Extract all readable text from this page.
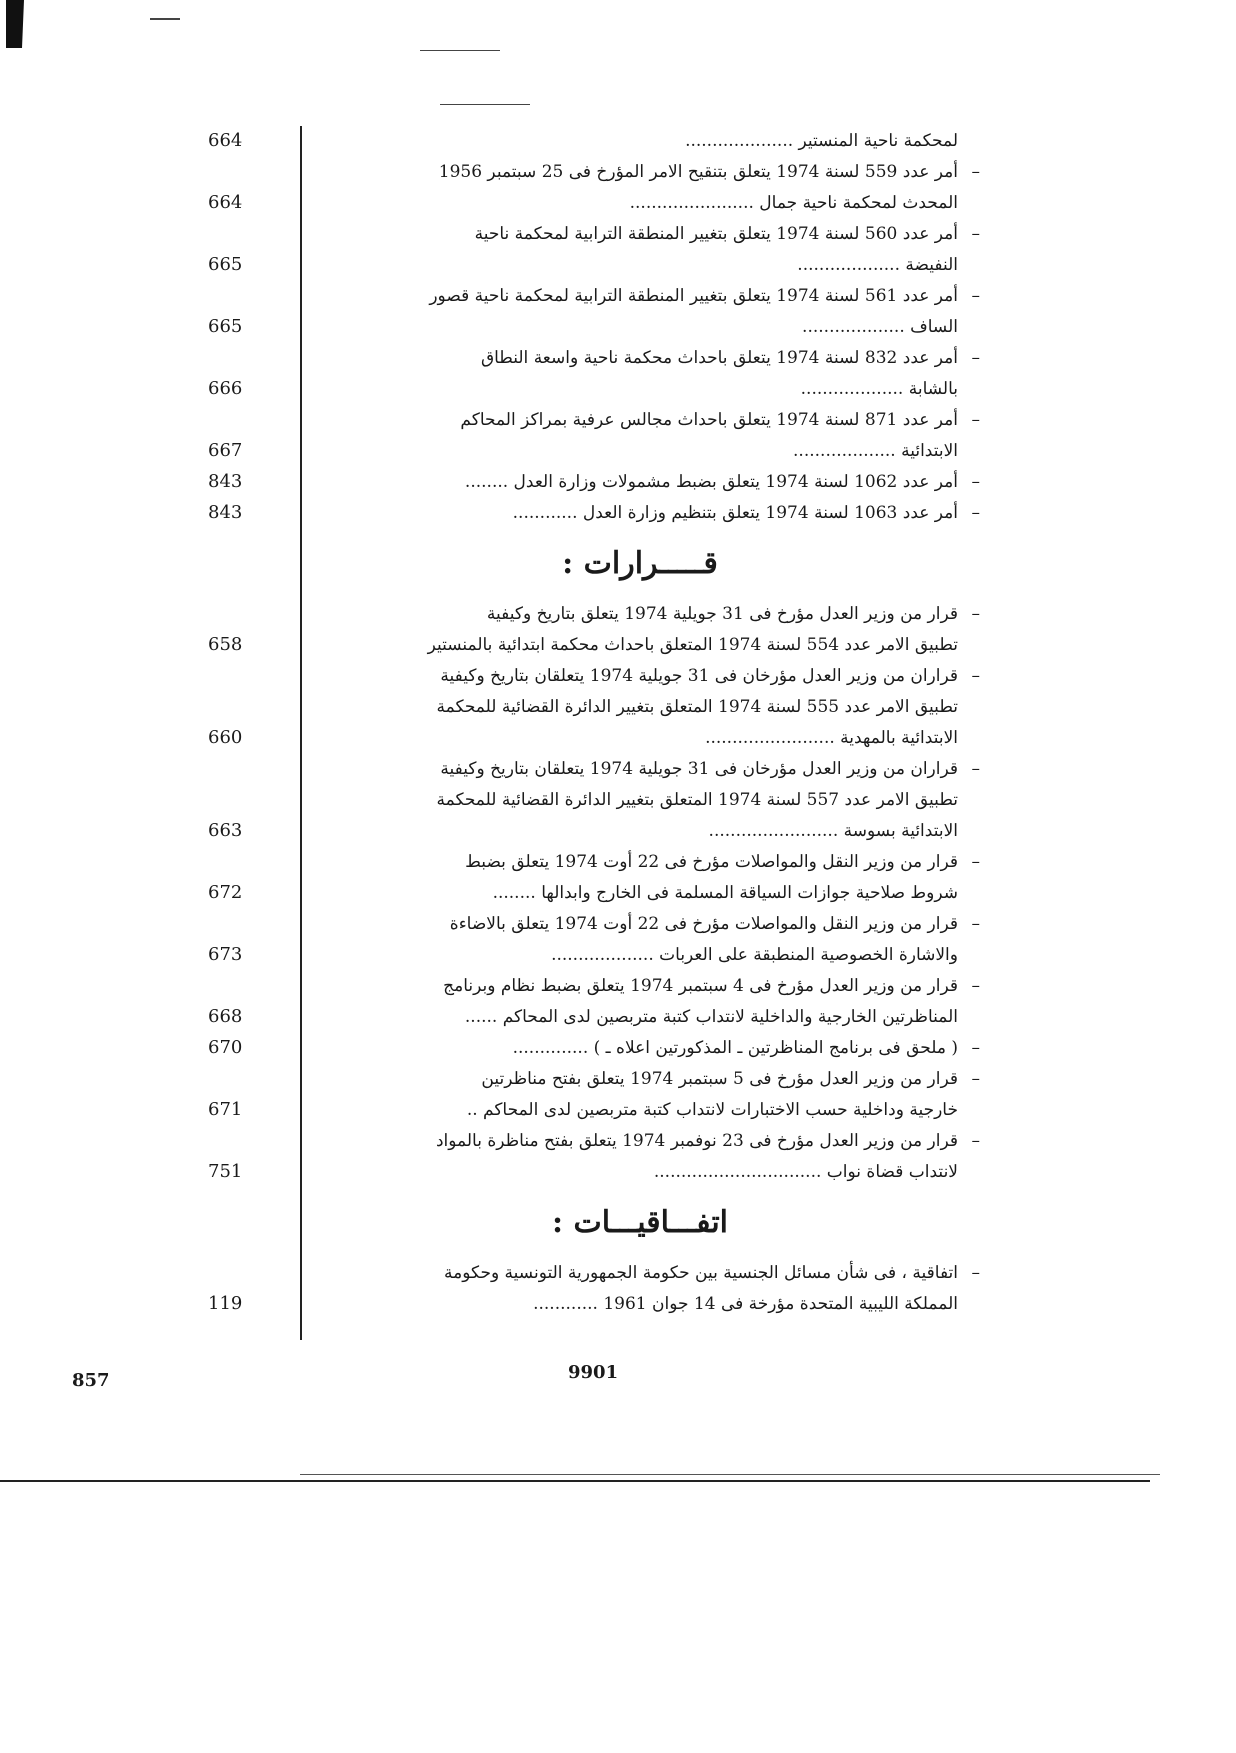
لمحكمة ناحية المنستير ....................
أمر عدد 559 لسنة 1974 يتعلق بتنقيح الامر المؤرخ فى 25 سبتمبر 1956 –
المحدث لمحكمة ناحية جمال .......................
أمر عدد 560 لسنة 1974 يتعلق بتغيير المنطقة الترابية لمحكمة ناحية –
النفيضة ...................
أمر عدد 561 لسنة 1974 يتعلق بتغيير المنطقة الترابية لمحكمة ناحية قصور –
الساف ...................
أمر عدد 832 لسنة 1974 يتعلق باحداث محكمة ناحية واسعة النطاق –
بالشابة ...................
أمر عدد 871 لسنة 1974 يتعلق باحداث مجالس عرفية بمراكز المحاكم –
الابتدائية ...................
أمر عدد 1062 لسنة 1974 يتعلق بضبط مشمولات وزارة العدل ........ –
أمر عدد 1063 لسنة 1974 يتعلق بتنظيم وزارة العدل ............ –
قـــــرارات :
قرار من وزير العدل مؤرخ فى 31 جويلية 1974 يتعلق بتاريخ وكيفية –
تطبيق الامر عدد 554 لسنة 1974 المتعلق باحداث محكمة ابتدائية بالمنستير
قراران من وزير العدل مؤرخان فى 31 جويلية 1974 يتعلقان بتاريخ وكيفية –
تطبيق الامر عدد 555 لسنة 1974 المتعلق بتغيير الدائرة القضائية للمحكمة
الابتدائية بالمهدية ........................
قراران من وزير العدل مؤرخان فى 31 جويلية 1974 يتعلقان بتاريخ وكيفية –
تطبيق الامر عدد 557 لسنة 1974 المتعلق بتغيير الدائرة القضائية للمحكمة
الابتدائية بسوسة ........................
قرار من وزير النقل والمواصلات مؤرخ فى 22 أوت 1974 يتعلق بضبط –
شروط صلاحية جوازات السياقة المسلمة فى الخارج وابدالها ........
قرار من وزير النقل والمواصلات مؤرخ فى 22 أوت 1974 يتعلق بالاضاءة –
والاشارة الخصوصية المنطبقة على العربات ...................
قرار من وزير العدل مؤرخ فى 4 سبتمبر 1974 يتعلق بضبط نظام وبرنامج –
المناظرتين الخارجية والداخلية لانتداب كتبة متربصين لدى المحاكم ......
( ملحق فى برنامج المناظرتين ـ المذكورتين اعلاه ـ ) .............. –
قرار من وزير العدل مؤرخ فى 5 سبتمبر 1974 يتعلق بفتح مناظرتين –
خارجية وداخلية حسب الاختبارات لانتداب كتبة متربصين لدى المحاكم ..
قرار من وزير العدل مؤرخ فى 23 نوفمبر 1974 يتعلق بفتح مناظرة بالمواد –
لانتداب قضاة نواب ...............................
اتفـــاقيـــات :
اتفاقية ، فى شأن مسائل الجنسية بين حكومة الجمهورية التونسية وحكومة –
المملكة الليبية المتحدة مؤرخة فى 14 جوان 1961 ............
664
664
665
665
666
667
843
843
658
660
663
672
673
668
670
671
751
119
857	9901
